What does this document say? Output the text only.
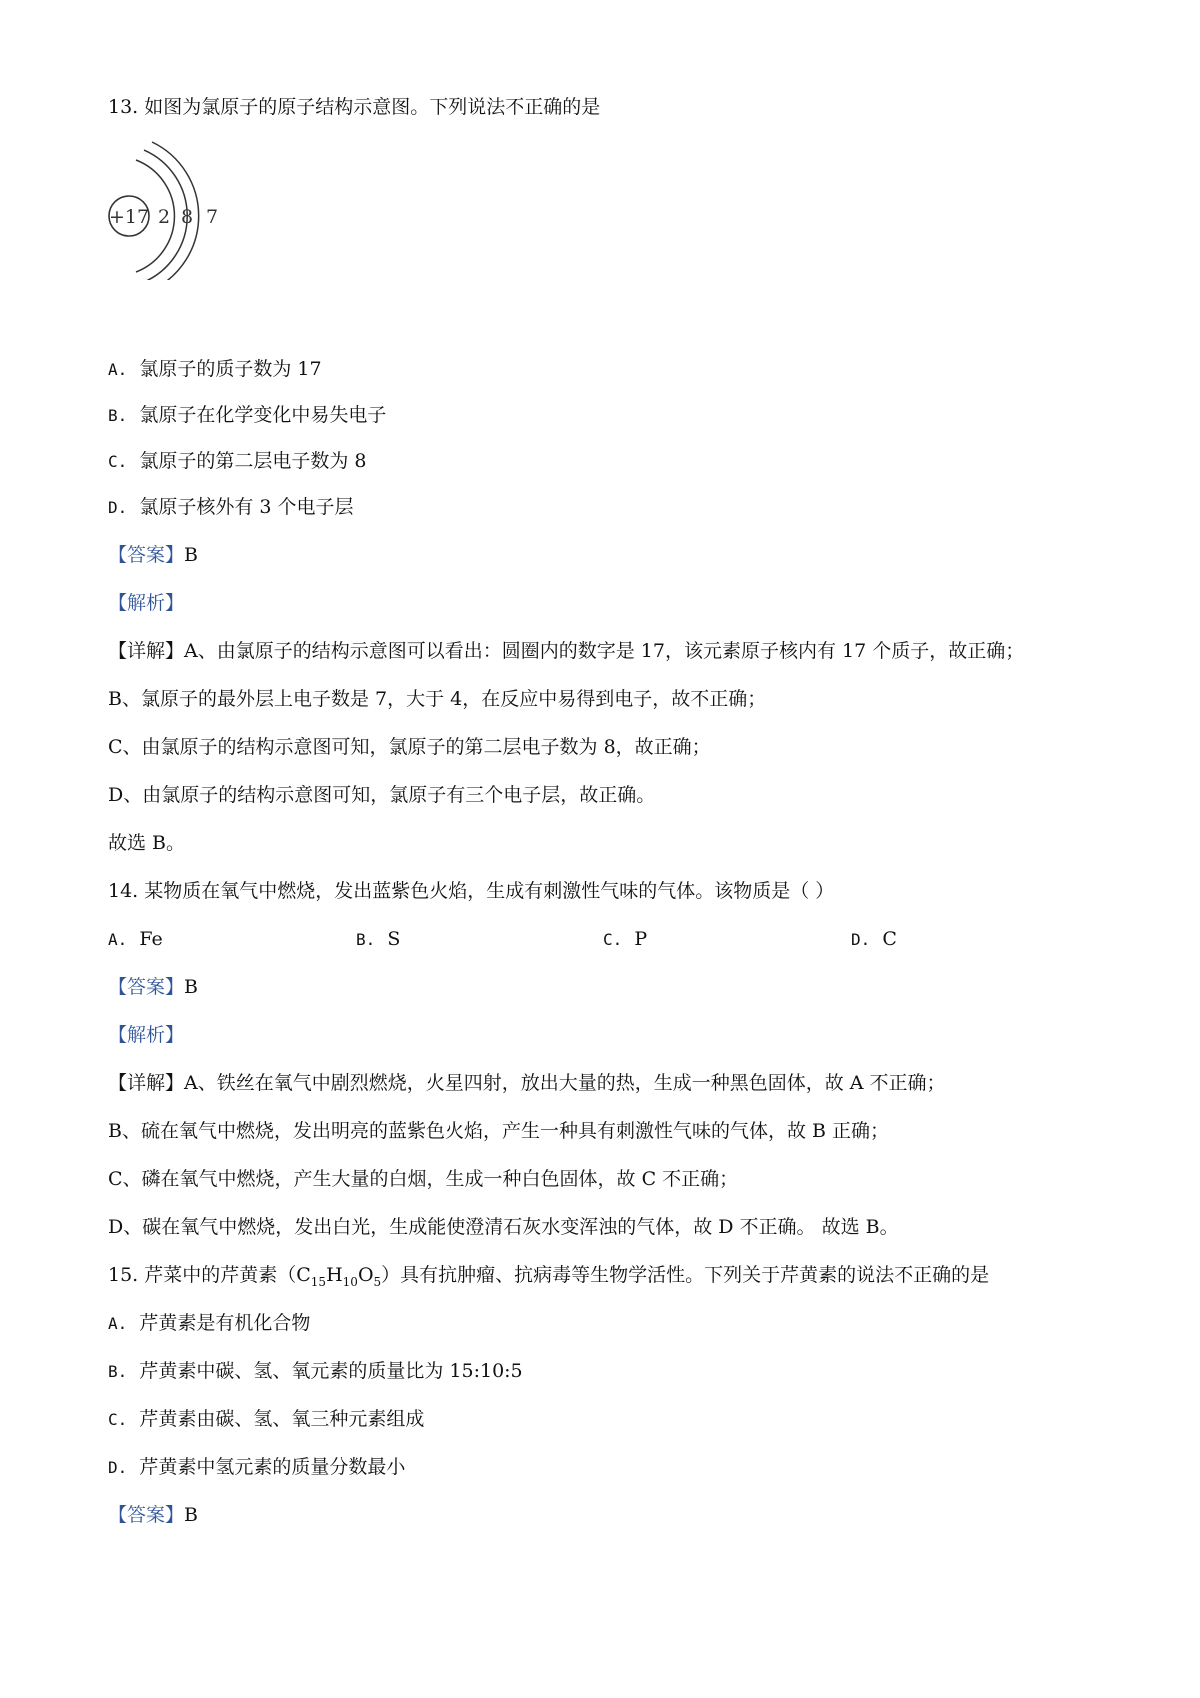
13. 如图为氯原子的原子结构示意图。下列说法不正确的是
+17 2 8 7
A. 氯原子的质子数为 17
B. 氯原子在化学变化中易失电子
C. 氯原子的第二层电子数为 8
D. 氯原子核外有 3 个电子层
【答案】B
【解析】
【详解】A、由氯原子的结构示意图可以看出：圆圈内的数字是 17，该元素原子核内有 17 个质子，故正确；
B、氯原子的最外层上电子数是 7，大于 4，在反应中易得到电子，故不正确；
C、由氯原子的结构示意图可知，氯原子的第二层电子数为 8，故正确；
D、由氯原子的结构示意图可知，氯原子有三个电子层，故正确。
故选 B。
14. 某物质在氧气中燃烧，发出蓝紫色火焰，生成有刺激性气味的气体。该物质是（ ）
A. Fe	B. S	C. P	D. C
【答案】B
【解析】
【详解】A、铁丝在氧气中剧烈燃烧，火星四射，放出大量的热，生成一种黑色固体，故 A 不正确；
B、硫在氧气中燃烧，发出明亮的蓝紫色火焰，产生一种具有刺激性气味的气体，故 B 正确；
C、磷在氧气中燃烧，产生大量的白烟，生成一种白色固体，故 C 不正确；
D、碳在氧气中燃烧，发出白光，生成能使澄清石灰水变浑浊的气体，故 D 不正确。 故选 B。
15. 芹菜中的芹黄素$(C_{15}H_{10}O_5)$具有抗肿瘤、抗病毒等生物学活性。下列关于芹黄素的说法不正确的是
A. 芹黄素是有机化合物
B. 芹黄素中碳、氢、氧元素的质量比为 15:10:5
C. 芹黄素由碳、氢、氧三种元素组成
D. 芹黄素中氢元素的质量分数最小
【答案】B
